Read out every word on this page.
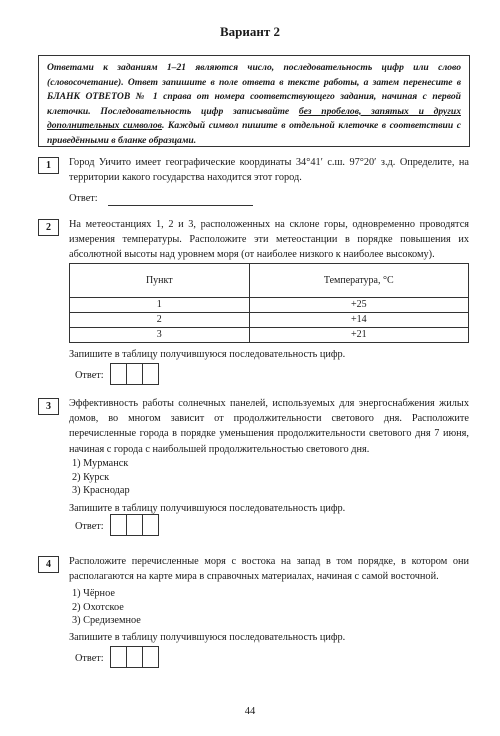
Вариант 2
Ответами к заданиям 1–21 являются число, последовательность цифр или слово (словосочетание). Ответ запишите в поле ответа в тексте работы, а затем перенесите в БЛАНК ОТВЕТОВ № 1 справа от номера соответствующего задания, начиная с первой клеточки. Последовательность цифр записывайте без пробелов, запятых и других дополнительных символов. Каждый символ пишите в отдельной клеточке в соответствии с приведёнными в бланке образцами.
1	Город Уичито имеет географические координаты 34°41′ с.ш. 97°20′ з.д. Определите, на территории какого государства находится этот город.
Ответ:
2	На метеостанциях 1, 2 и 3, расположенных на склоне горы, одновременно проводятся измерения температуры. Расположите эти метеостанции в порядке повышения их абсолютной высоты над уровнем моря (от наиболее низкого к наиболее высокому).
Пункт	Температура, °С
1	+25
2	+14
3	+21
Запишите в таблицу получившуюся последовательность цифр.
Ответ:
3	Эффективность работы солнечных панелей, используемых для энергоснабжения жилых домов, во многом зависит от продолжительности светового дня. Расположите перечисленные города в порядке уменьшения продолжительности светового дня 7 июня, начиная с города с наибольшей продолжительностью светового дня.
1) Мурманск
2) Курск
3) Краснодар
Запишите в таблицу получившуюся последовательность цифр.
Ответ:
4	Расположите перечисленные моря с востока на запад в том порядке, в котором они располагаются на карте мира в справочных материалах, начиная с самой восточной.
1) Чёрное
2) Охотское
3) Средиземное
Запишите в таблицу получившуюся последовательность цифр.
Ответ:
44
